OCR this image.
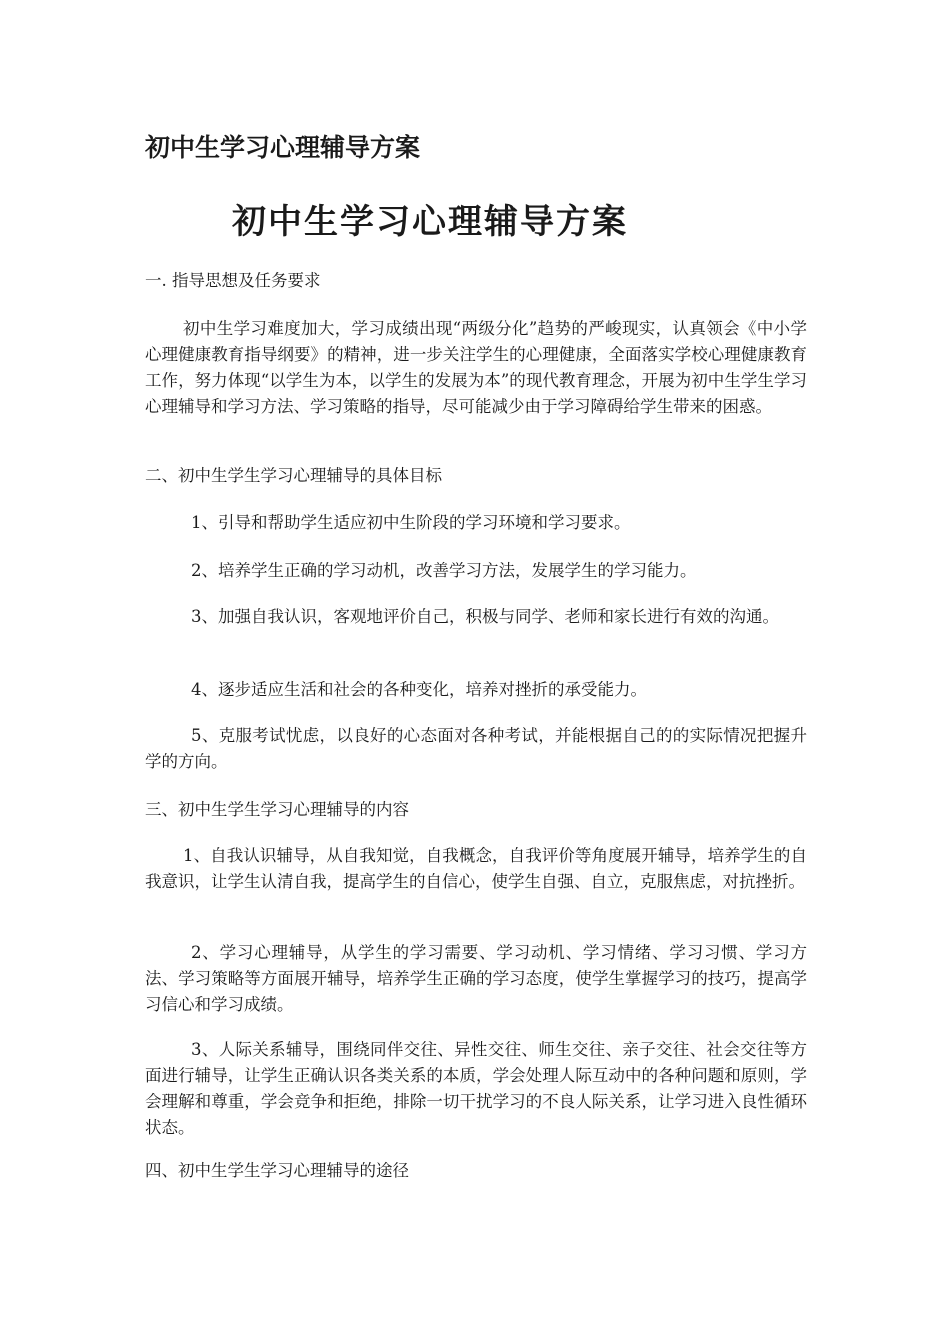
初中生学习心理辅导方案
初中生学习心理辅导方案
一. 指导思想及任务要求

初中生学习难度加大，学习成绩出现“两级分化”趋势的严峻现实，认真领会《中小学心理健康教育指导纲要》的精神，进一步关注学生的心理健康，全面落实学校心理健康教育工作，努力体现“以学生为本，以学生的发展为本”的现代教育理念，开展为初中生学生学习心理辅导和学习方法、学习策略的指导，尽可能减少由于学习障碍给学生带来的困惑。

二、初中生学生学习心理辅导的具体目标

1、引导和帮助学生适应初中生阶段的学习环境和学习要求。

2、培养学生正确的学习动机，改善学习方法，发展学生的学习能力。

3、加强自我认识，客观地评价自己，积极与同学、老师和家长进行有效的沟通。

4、逐步适应生活和社会的各种变化，培养对挫折的承受能力。

5、克服考试忧虑，以良好的心态面对各种考试，并能根据自己的的实际情况把握升学的方向。

三、初中生学生学习心理辅导的内容

1、自我认识辅导，从自我知觉，自我概念，自我评价等角度展开辅导，培养学生的自我意识，让学生认清自我，提高学生的自信心，使学生自强、自立，克服焦虑，对抗挫折。

2、学习心理辅导，从学生的学习需要、学习动机、学习情绪、学习习惯、学习方法、学习策略等方面展开辅导，培养学生正确的学习态度，使学生掌握学习的技巧，提高学习信心和学习成绩。

3、人际关系辅导，围绕同伴交往、异性交往、师生交往、亲子交往、社会交往等方面进行辅导，让学生正确认识各类关系的本质，学会处理人际互动中的各种问题和原则，学会理解和尊重，学会竞争和拒绝，排除一切干扰学习的不良人际关系，让学习进入良性循环状态。

四、初中生学生学习心理辅导的途径
